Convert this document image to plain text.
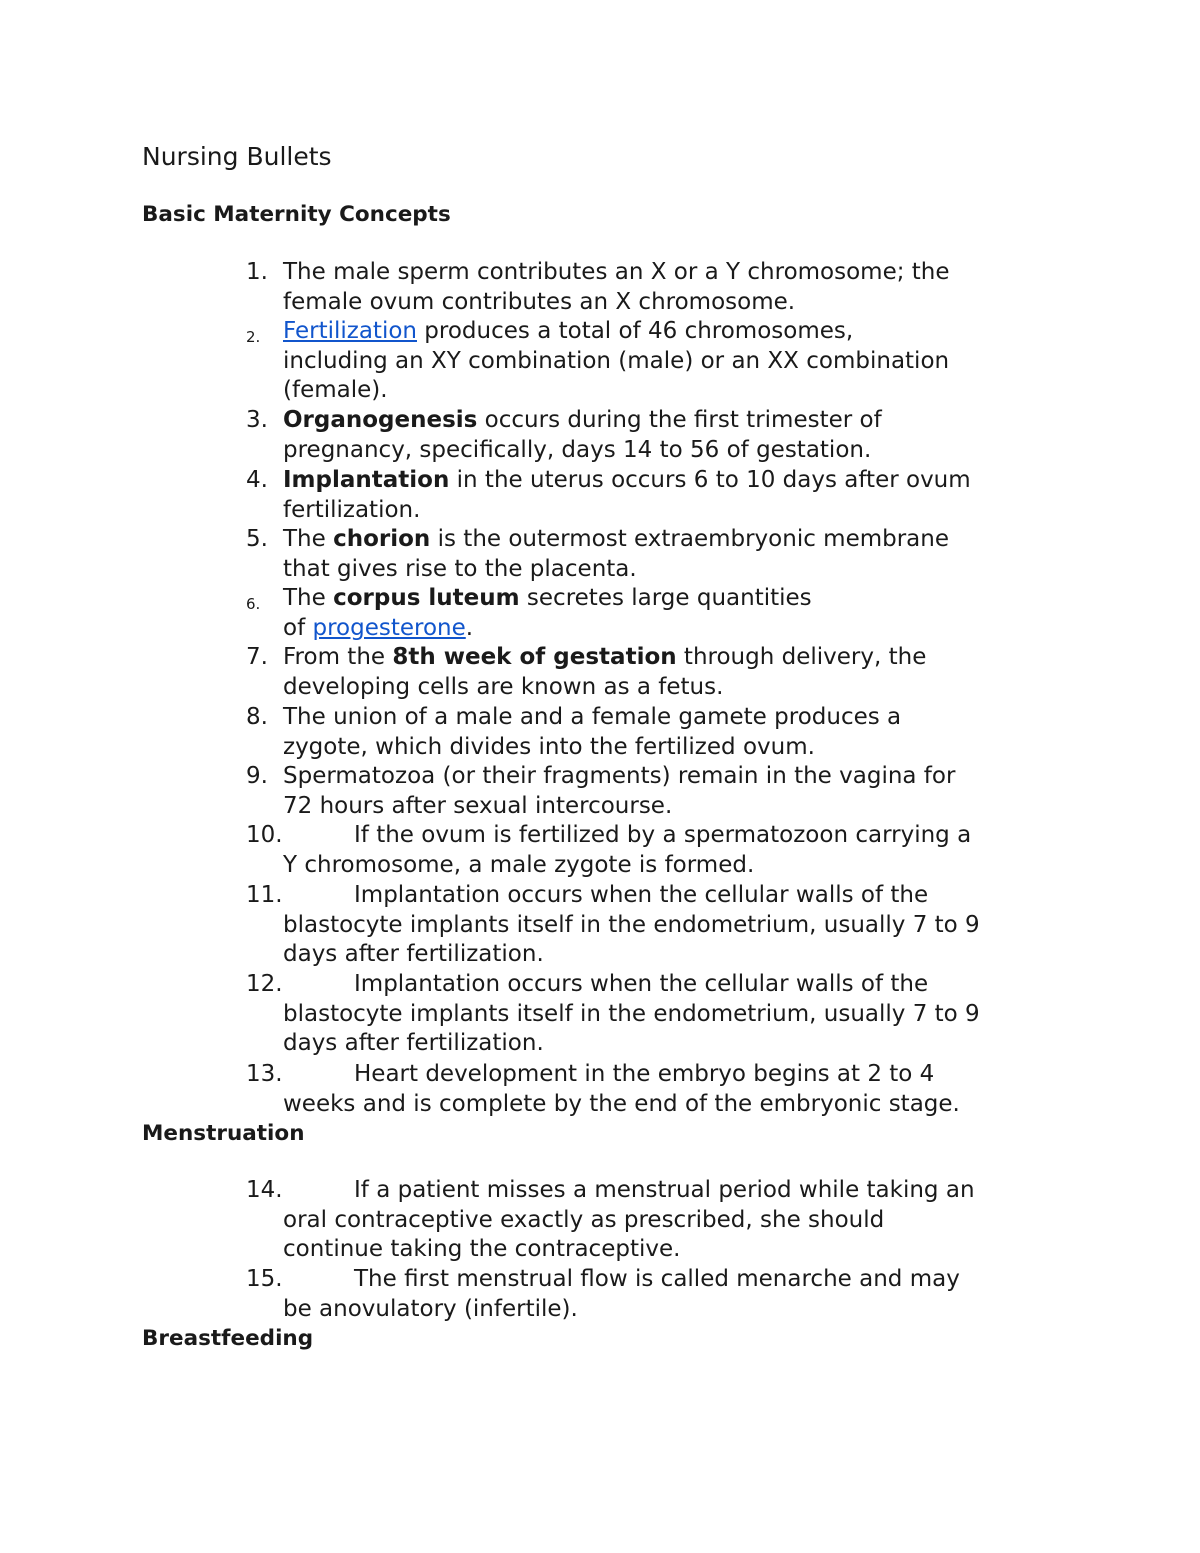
Nursing Bullets
Basic Maternity Concepts
Menstruation
Breastfeeding
1. The male sperm contributes an X or a Y chromosome; the
female ovum contributes an X chromosome.
2. Fertilization produces a total of 46 chromosomes,
including an XY combination (male) or an XX combination
(female).
3. Organogenesis occurs during the first trimester of
pregnancy, specifically, days 14 to 56 of gestation.
4. Implantation in the uterus occurs 6 to 10 days after ovum
fertilization.
5. The chorion is the outermost extraembryonic membrane
that gives rise to the placenta.
6. The corpus luteum secretes large quantities
of progesterone.
7. From the 8th week of gestation through delivery, the
developing cells are known as a fetus.
8. The union of a male and a female gamete produces a
zygote, which divides into the fertilized ovum.
9. Spermatozoa (or their fragments) remain in the vagina for
72 hours after sexual intercourse.
10.	If the ovum is fertilized by a spermatozoon carrying a
Y chromosome, a male zygote is formed.
11.	Implantation occurs when the cellular walls of the
blastocyte implants itself in the endometrium, usually 7 to 9
days after fertilization.
12.	Implantation occurs when the cellular walls of the
blastocyte implants itself in the endometrium, usually 7 to 9
days after fertilization.
13.	Heart development in the embryo begins at 2 to 4
weeks and is complete by the end of the embryonic stage.
14.	If a patient misses a menstrual period while taking an
oral contraceptive exactly as prescribed, she should
continue taking the contraceptive.
15.	The first menstrual flow is called menarche and may
be anovulatory (infertile).
